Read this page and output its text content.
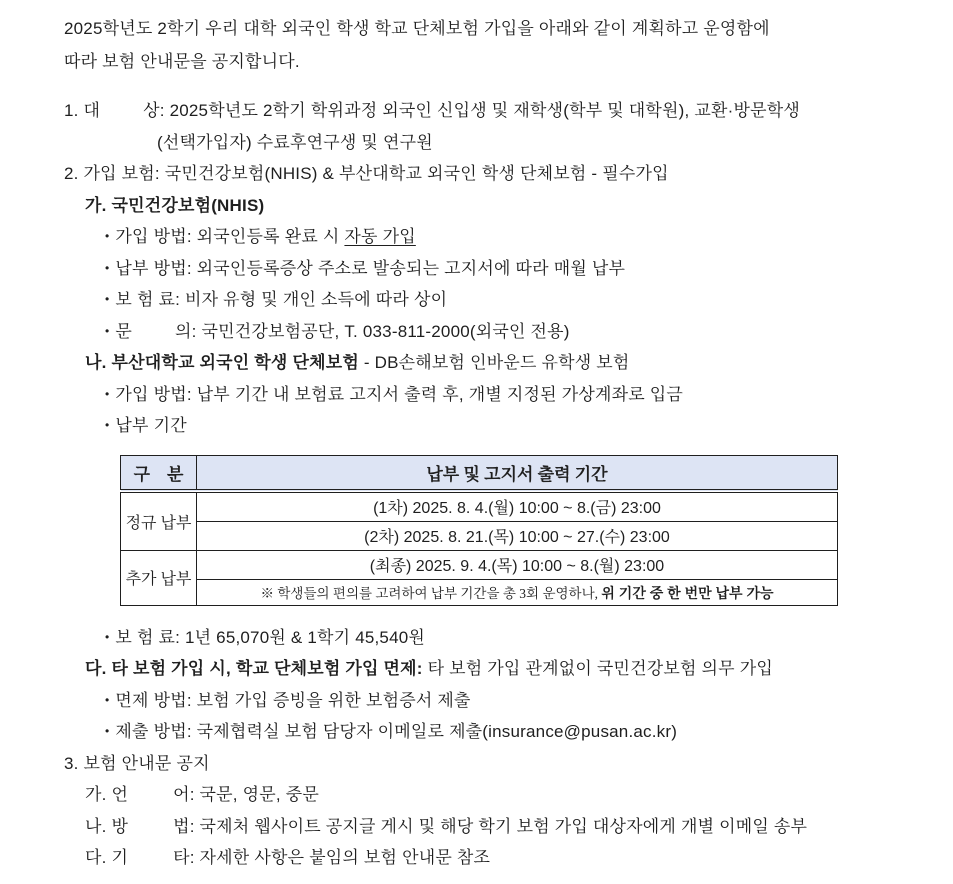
2025학년도 2학기 우리 대학 외국인 학생 학교 단체보험 가입을 아래와 같이 계획하고 운영함에
따라 보험 안내문을 공지합니다.
1. 대	상: 2025학년도 2학기 학위과정 외국인 신입생 및 재학생(학부 및 대학원), 교환·방문학생
(선택가입자) 수료후연구생 및 연구원
2. 가입 보험: 국민건강보험(NHIS) & 부산대학교 외국인 학생 단체보험 - 필수가입
가. 국민건강보험(NHIS)
• 가입 방법: 외국인등록 완료 시 자동 가입
• 납부 방법: 외국인등록증상 주소로 발송되는 고지서에 따라 매월 납부
• 보 험 료: 비자 유형 및 개인 소득에 따라 상이
• 문	의: 국민건강보험공단, T. 033-811-2000(외국인 전용)
나. 부산대학교 외국인 학생 단체보험 - DB손해보험 인바운드 유학생 보험
• 가입 방법: 납부 기간 내 보험료 고지서 출력 후, 개별 지정된 가상계좌로 입금
• 납부 기간
구　분	납부 및 고지서 출력 기간
정규 납부	(1차) 2025. 8. 4.(월) 10:00 ~ 8.(금) 23:00
	(2차) 2025. 8. 21.(목) 10:00 ~ 27.(수) 23:00
추가 납부	(최종) 2025. 9. 4.(목) 10:00 ~ 8.(월) 23:00
	※ 학생들의 편의를 고려하여 납부 기간을 총 3회 운영하나, 위 기간 중 한 번만 납부 가능
• 보 험 료: 1년 65,070원 & 1학기 45,540원
다. 타 보험 가입 시, 학교 단체보험 가입 면제: 타 보험 가입 관계없이 국민건강보험 의무 가입
• 면제 방법: 보험 가입 증빙을 위한 보험증서 제출
• 제출 방법: 국제협력실 보험 담당자 이메일로 제출(insurance@pusan.ac.kr)
3. 보험 안내문 공지
가. 언	어: 국문, 영문, 중문
나. 방	법: 국제처 웹사이트 공지글 게시 및 해당 학기 보험 가입 대상자에게 개별 이메일 송부
다. 기	타: 자세한 사항은 붙임의 보험 안내문 참조
